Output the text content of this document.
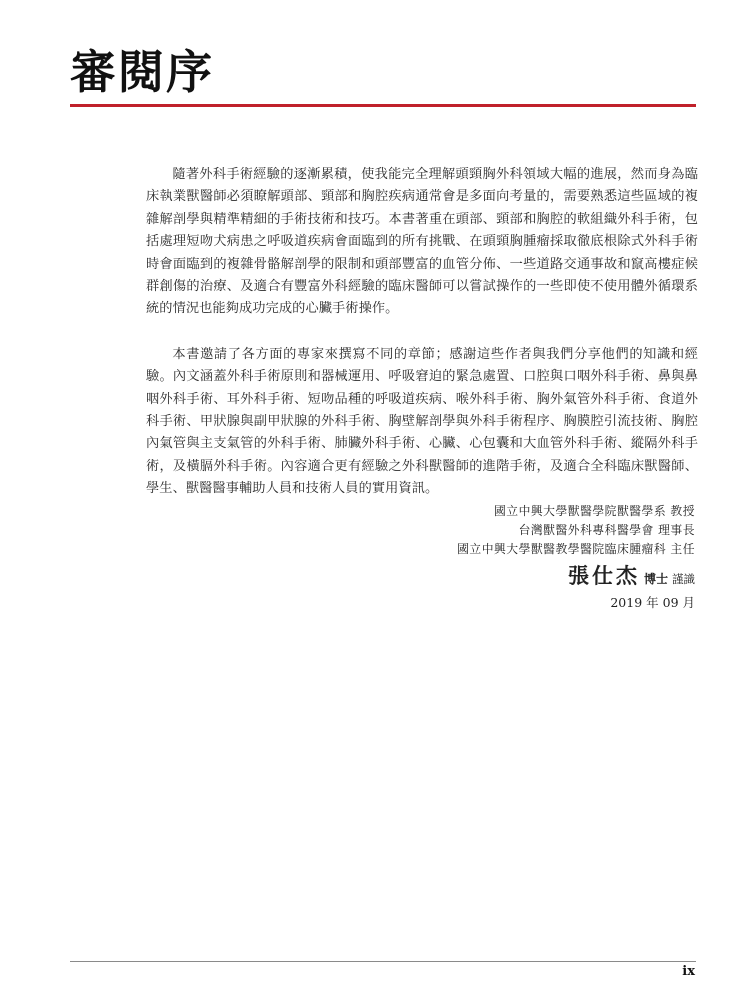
審閱序

隨著外科手術經驗的逐漸累積，使我能完全理解頭頸胸外科領域大幅的進展，然而身為臨床執業獸醫師必須瞭解頭部、頸部和胸腔疾病通常會是多面向考量的，需要熟悉這些區域的複雜解剖學與精準精細的手術技術和技巧。本書著重在頭部、頸部和胸腔的軟組織外科手術，包括處理短吻犬病患之呼吸道疾病會面臨到的所有挑戰、在頭頸胸腫瘤採取徹底根除式外科手術時會面臨到的複雜骨骼解剖學的限制和頭部豐富的血管分佈、一些道路交通事故和竄高樓症候群創傷的治療、及適合有豐富外科經驗的臨床醫師可以嘗試操作的一些即使不使用體外循環系統的情況也能夠成功完成的心臟手術操作。

本書邀請了各方面的專家來撰寫不同的章節；感謝這些作者與我們分享他們的知識和經驗。內文涵蓋外科手術原則和器械運用、呼吸窘迫的緊急處置、口腔與口咽外科手術、鼻與鼻咽外科手術、耳外科手術、短吻品種的呼吸道疾病、喉外科手術、胸外氣管外科手術、食道外科手術、甲狀腺與副甲狀腺的外科手術、胸壁解剖學與外科手術程序、胸膜腔引流技術、胸腔內氣管與主支氣管的外科手術、肺臟外科手術、心臟、心包囊和大血管外科手術、縱隔外科手術，及橫膈外科手術。內容適合更有經驗之外科獸醫師的進階手術，及適合全科臨床獸醫師、學生、獸醫醫事輔助人員和技術人員的實用資訊。

國立中興大學獸醫學院獸醫學系 教授
台灣獸醫外科專科醫學會 理事長
國立中興大學獸醫教學醫院臨床腫瘤科 主任
張仕杰 博士 謹識
2019 年 09 月
ix
